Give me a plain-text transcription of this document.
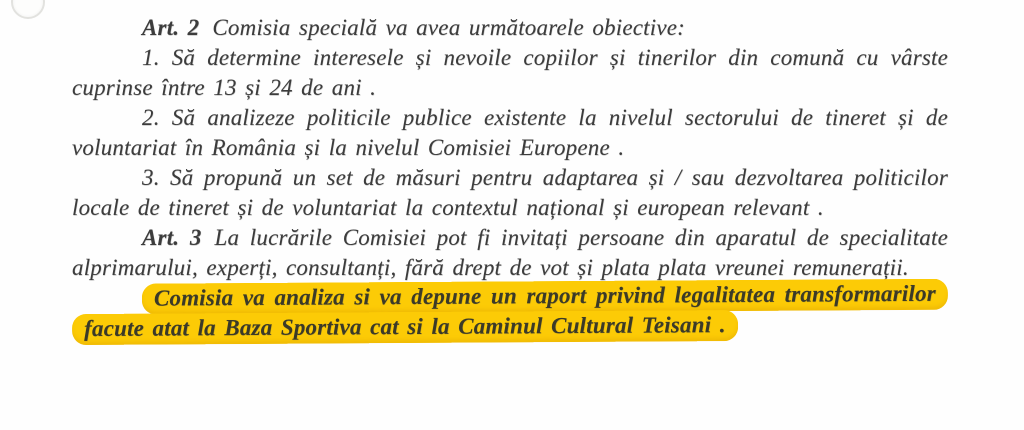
Art. 2 Comisia specială va avea următoarele obiective:

1. Să determine interesele și nevoile copiilor și tinerilor din comună cu vârste cuprinse între 13 și 24 de ani .

2. Să analizeze politicile publice existente la nivelul sectorului de tineret și de voluntariat în România și la nivelul Comisiei Europene .

3. Să propună un set de măsuri pentru adaptarea și / sau dezvoltarea politicilor locale de tineret și de voluntariat la contextul național și european relevant .

Art. 3 La lucrările Comisiei pot fi invitați persoane din aparatul de specialitate alprimarului, experți, consultanți, fără drept de vot și plata plata vreunei remunerații.

Comisia va analiza si va depune un raport privind legalitatea transformarilor facute atat la Baza Sportiva cat si la Caminul Cultural Teisani .
